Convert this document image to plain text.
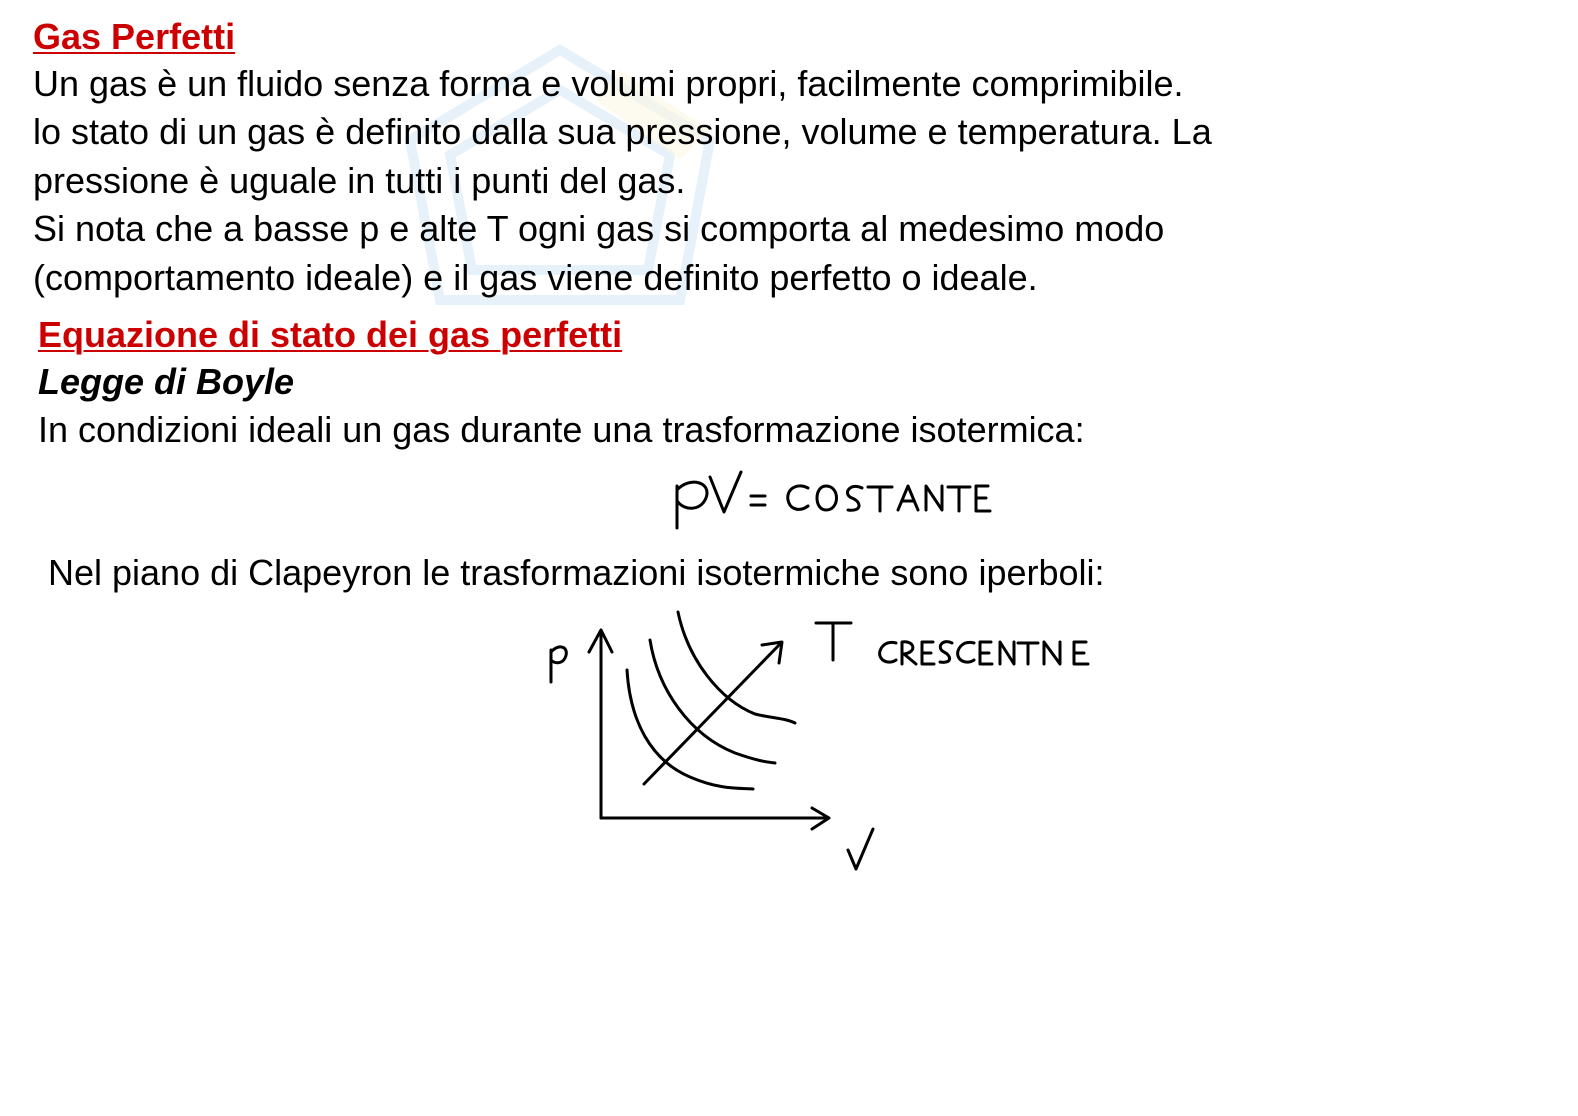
Gas Perfetti
Un gas è un fluido senza forma e volumi propri, facilmente comprimibile.
lo stato di un gas è definito dalla sua pressione, volume e temperatura. La
pressione è uguale in tutti i punti del gas.
Si nota che a basse p e alte T ogni gas si comporta al medesimo modo
(comportamento ideale) e il gas viene definito perfetto o ideale.
Equazione di stato dei gas perfetti
Legge di Boyle

In condizioni ideali un gas durante una trasformazione isotermica:

Nel piano di Clapeyron le trasformazioni isotermiche sono iperboli:
